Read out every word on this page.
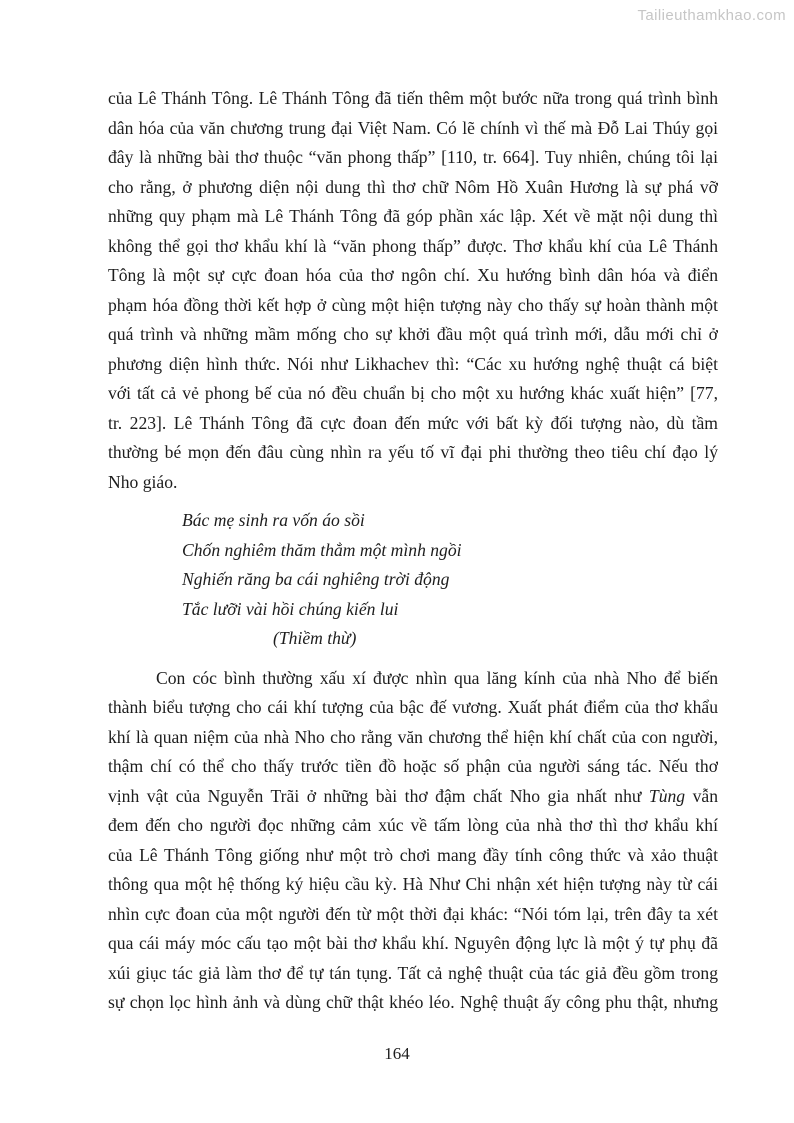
Tailieuthamkhao.com
của Lê Thánh Tông. Lê Thánh Tông đã tiến thêm một bước nữa trong quá trình bình
dân hóa của văn chương trung đại Việt Nam. Có lẽ chính vì thế mà Đỗ Lai Thúy gọi
đây là những bài thơ thuộc “văn phong thấp” [110, tr. 664]. Tuy nhiên, chúng tôi lại
cho rằng, ở phương diện nội dung thì thơ chữ Nôm Hồ Xuân Hương là sự phá vỡ
những quy phạm mà Lê Thánh Tông đã góp phần xác lập. Xét về mặt nội dung thì
không thể gọi thơ khẩu khí là “văn phong thấp” được. Thơ khẩu khí của Lê Thánh
Tông là một sự cực đoan hóa của thơ ngôn chí. Xu hướng bình dân hóa và điển
phạm hóa đồng thời kết hợp ở cùng một hiện tượng này cho thấy sự hoàn thành một
quá trình và những mầm mống cho sự khởi đầu một quá trình mới, dẫu mới chỉ ở
phương diện hình thức. Nói như Likhachev thì: “Các xu hướng nghệ thuật cá biệt
với tất cả vẻ phong bế của nó đều chuẩn bị cho một xu hướng khác xuất hiện” [77,
tr. 223]. Lê Thánh Tông đã cực đoan đến mức với bất kỳ đối tượng nào, dù tầm
thường bé mọn đến đâu cùng nhìn ra yếu tố vĩ đại phi thường theo tiêu chí đạo lý
Nho giáo.
Bác mẹ sinh ra vốn áo sồi
Chốn nghiêm thăm thẳm một mình ngồi
Nghiến răng ba cái nghiêng trời động
Tắc lưỡi vài hồi chúng kiến lui
(Thiềm thừ)
Con cóc bình thường xấu xí được nhìn qua lăng kính của nhà Nho để biến
thành biểu tượng cho cái khí tượng của bậc đế vương. Xuất phát điểm của thơ khẩu
khí là quan niệm của nhà Nho cho rằng văn chương thể hiện khí chất của con người,
thậm chí có thể cho thấy trước tiền đồ hoặc số phận của người sáng tác. Nếu thơ
vịnh vật của Nguyễn Trãi ở những bài thơ đậm chất Nho gia nhất như Tùng vẫn
đem đến cho người đọc những cảm xúc về tấm lòng của nhà thơ thì thơ khẩu khí
của Lê Thánh Tông giống như một trò chơi mang đầy tính công thức và xảo thuật
thông qua một hệ thống ký hiệu cầu kỳ. Hà Như Chi nhận xét hiện tượng này từ cái
nhìn cực đoan của một người đến từ một thời đại khác: “Nói tóm lại, trên đây ta xét
qua cái máy móc cấu tạo một bài thơ khẩu khí. Nguyên động lực là một ý tự phụ đã
xúi giục tác giả làm thơ để tự tán tụng. Tất cả nghệ thuật của tác giả đều gồm trong
sự chọn lọc hình ảnh và dùng chữ thật khéo léo. Nghệ thuật ấy công phu thật, nhưng
164
